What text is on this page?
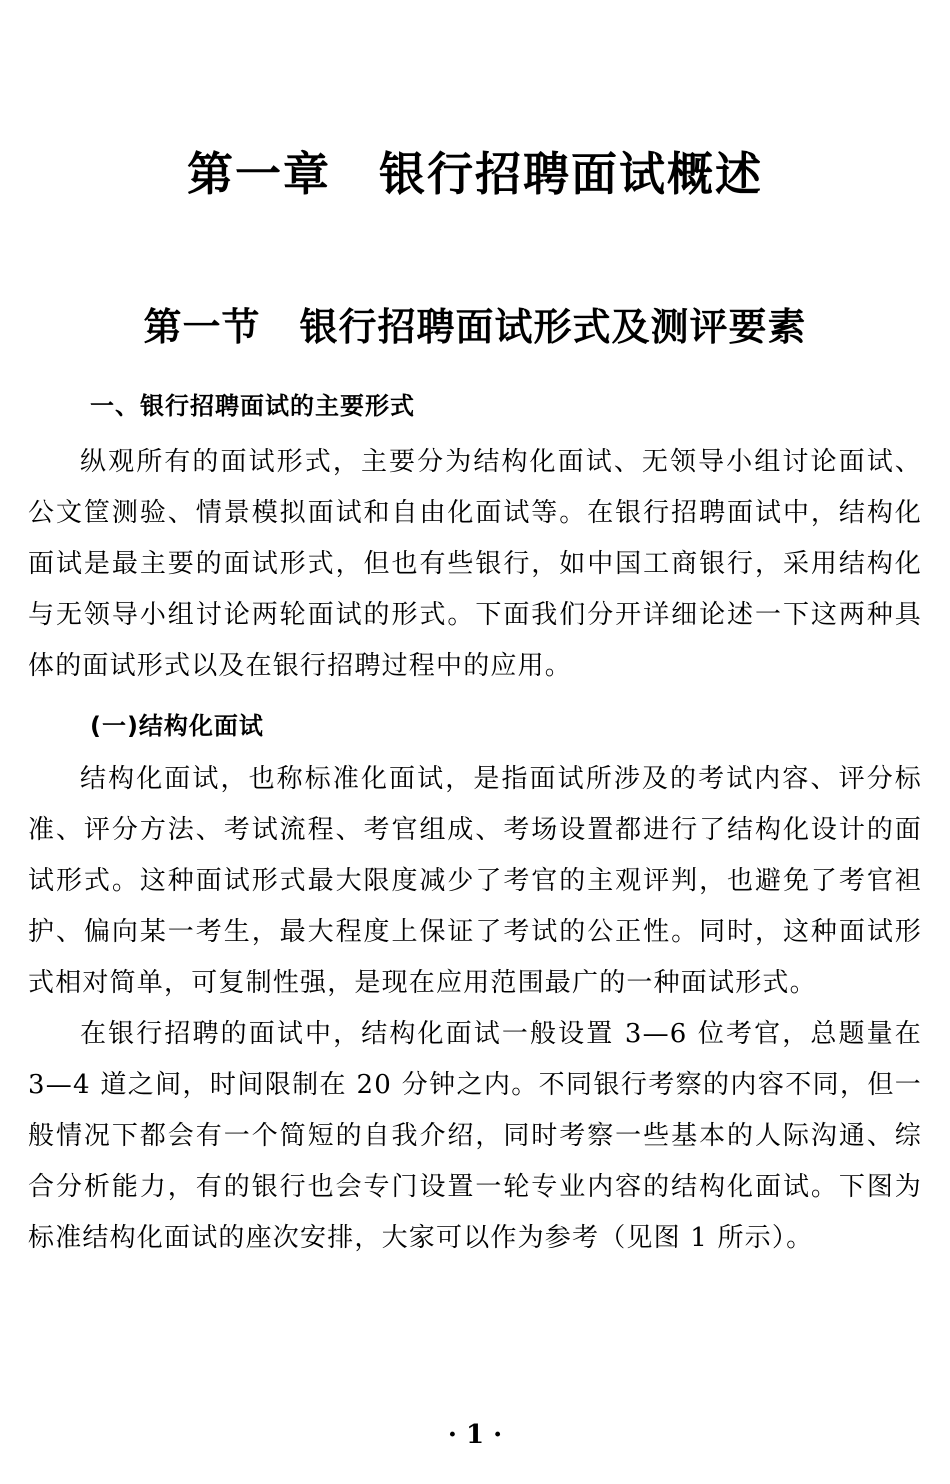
第一章　银行招聘面试概述
第一节　银行招聘面试形式及测评要素
一、银行招聘面试的主要形式

纵观所有的面试形式，主要分为结构化面试、无领导小组讨论面试、公文筐测验、情景模拟面试和自由化面试等。在银行招聘面试中，结构化面试是最主要的面试形式，但也有些银行，如中国工商银行，采用结构化与无领导小组讨论两轮面试的形式。下面我们分开详细论述一下这两种具体的面试形式以及在银行招聘过程中的应用。

(一)结构化面试

结构化面试，也称标准化面试，是指面试所涉及的考试内容、评分标准、评分方法、考试流程、考官组成、考场设置都进行了结构化设计的面试形式。这种面试形式最大限度减少了考官的主观评判，也避免了考官袒护、偏向某一考生，最大程度上保证了考试的公正性。同时，这种面试形式相对简单，可复制性强，是现在应用范围最广的一种面试形式。

在银行招聘的面试中，结构化面试一般设置 3—6 位考官，总题量在 3—4 道之间，时间限制在 20 分钟之内。不同银行考察的内容不同，但一般情况下都会有一个简短的自我介绍，同时考察一些基本的人际沟通、综合分析能力，有的银行也会专门设置一轮专业内容的结构化面试。下图为标准结构化面试的座次安排，大家可以作为参考（见图 1 所示）。

· 1 ·
